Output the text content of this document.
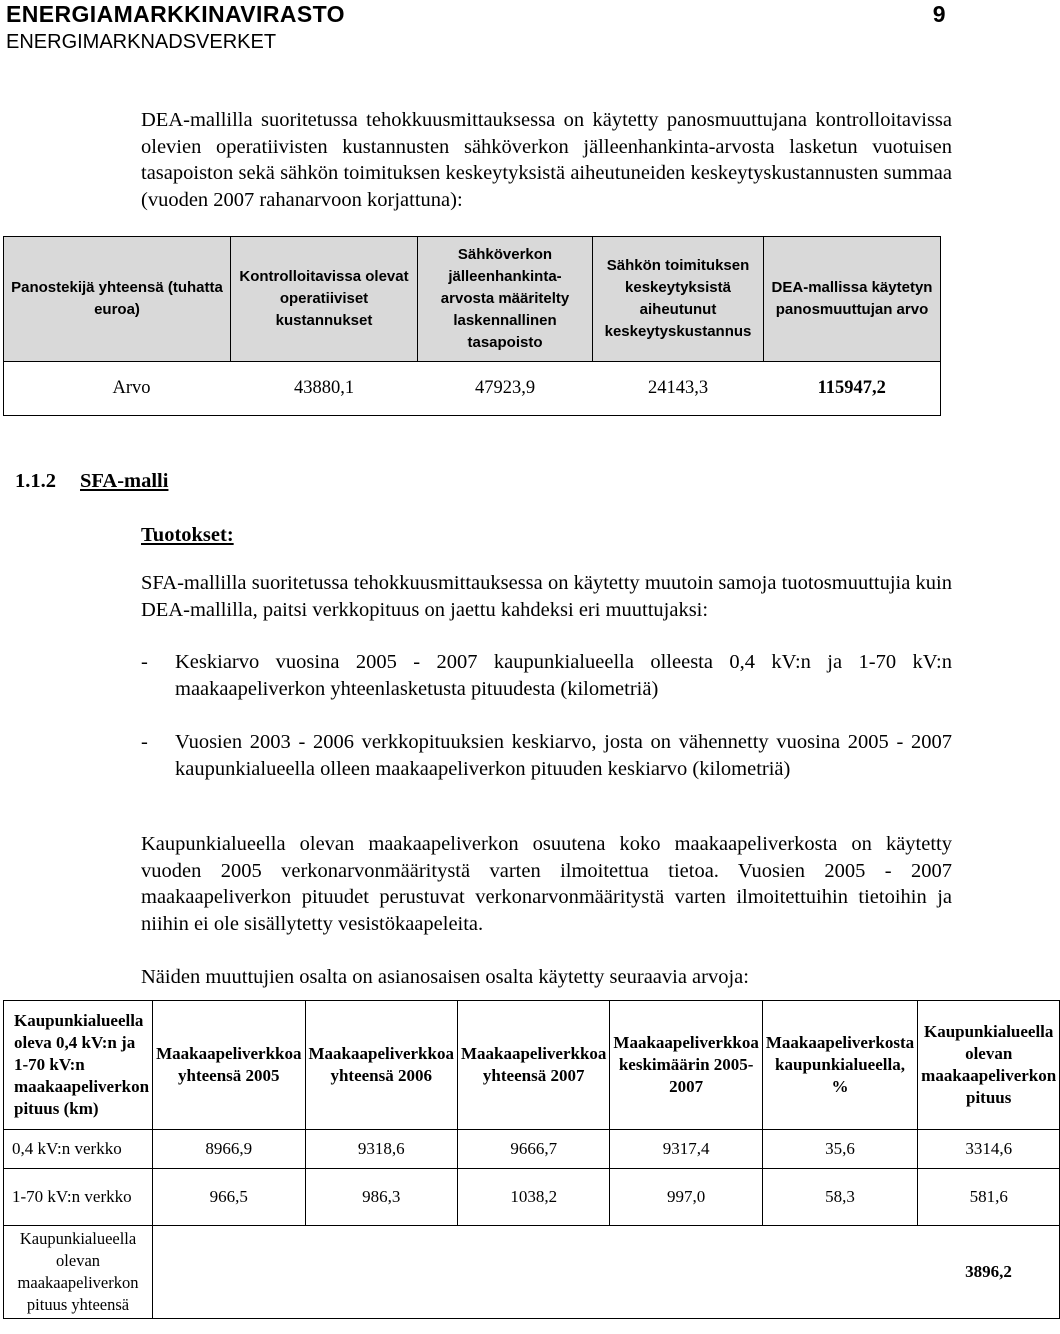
ENERGIAMARKKINAVIRASTO	9
ENERGIMARKNADSVERKET
DEA-mallilla suoritetussa tehokkuusmittauksessa on käytetty panosmuuttujana kontrolloitavissa olevien operatiivisten kustannusten sähköverkon jälleenhankinta-arvosta lasketun vuotuisen tasapoiston sekä sähkön toimituksen keskeytyksistä aiheutuneiden keskeytyskustannusten summaa (vuoden 2007 rahanarvoon korjattuna):
Panostekijä yhteensä (tuhatta euroa)	Kontrolloitavissa olevat operatiiviset kustannukset	Sähköverkon jälleenhankinta-arvosta määritelty laskennallinen tasapoisto	Sähkön toimituksen keskeytyksistä aiheutunut keskeytyskustannus	DEA-mallissa käytetyn panosmuuttujan arvo
Arvo	43880,1	47923,9	24143,3	115947,2
1.1.2 SFA-malli
Tuotokset:
SFA-mallilla suoritetussa tehokkuusmittauksessa on käytetty muutoin samoja tuotosmuuttujia kuin DEA-mallilla, paitsi verkkopituus on jaettu kahdeksi eri muuttujaksi:
- Keskiarvo vuosina 2005 - 2007 kaupunkialueella olleesta 0,4 kV:n ja 1-70 kV:n maakaapeliverkon yhteenlasketusta pituudesta (kilometriä)
- Vuosien 2003 - 2006 verkkopituuksien keskiarvo, josta on vähennetty vuosina 2005 - 2007 kaupunkialueella olleen maakaapeliverkon pituuden keskiarvo (kilometriä)
Kaupunkialueella olevan maakaapeliverkon osuutena koko maakaapeliverkosta on käytetty vuoden 2005 verkonarvonmääritystä varten ilmoitettua tietoa. Vuosien 2005 - 2007 maakaapeliverkon pituudet perustuvat verkonarvonmääritystä varten ilmoitettuihin tietoihin ja niihin ei ole sisällytetty vesistökaapeleita.
Näiden muuttujien osalta on asianosaisen osalta käytetty seuraavia arvoja:
Kaupunkialueella oleva 0,4 kV:n ja 1-70 kV:n maakaapeliverkon pituus (km)	Maakaapeliverkkoa yhteensä 2005	Maakaapeliverkkoa yhteensä 2006	Maakaapeliverkkoa yhteensä 2007	Maakaapeliverkkoa keskimäärin 2005-2007	Maakaapeliverkosta kaupunkialueella, %	Kaupunkialueella olevan maakaapeliverkon pituus
0,4 kV:n verkko	8966,9	9318,6	9666,7	9317,4	35,6	3314,6
1-70 kV:n verkko	966,5	986,3	1038,2	997,0	58,3	581,6
Kaupunkialueella olevan maakaapeliverkon pituus yhteensä						3896,2
